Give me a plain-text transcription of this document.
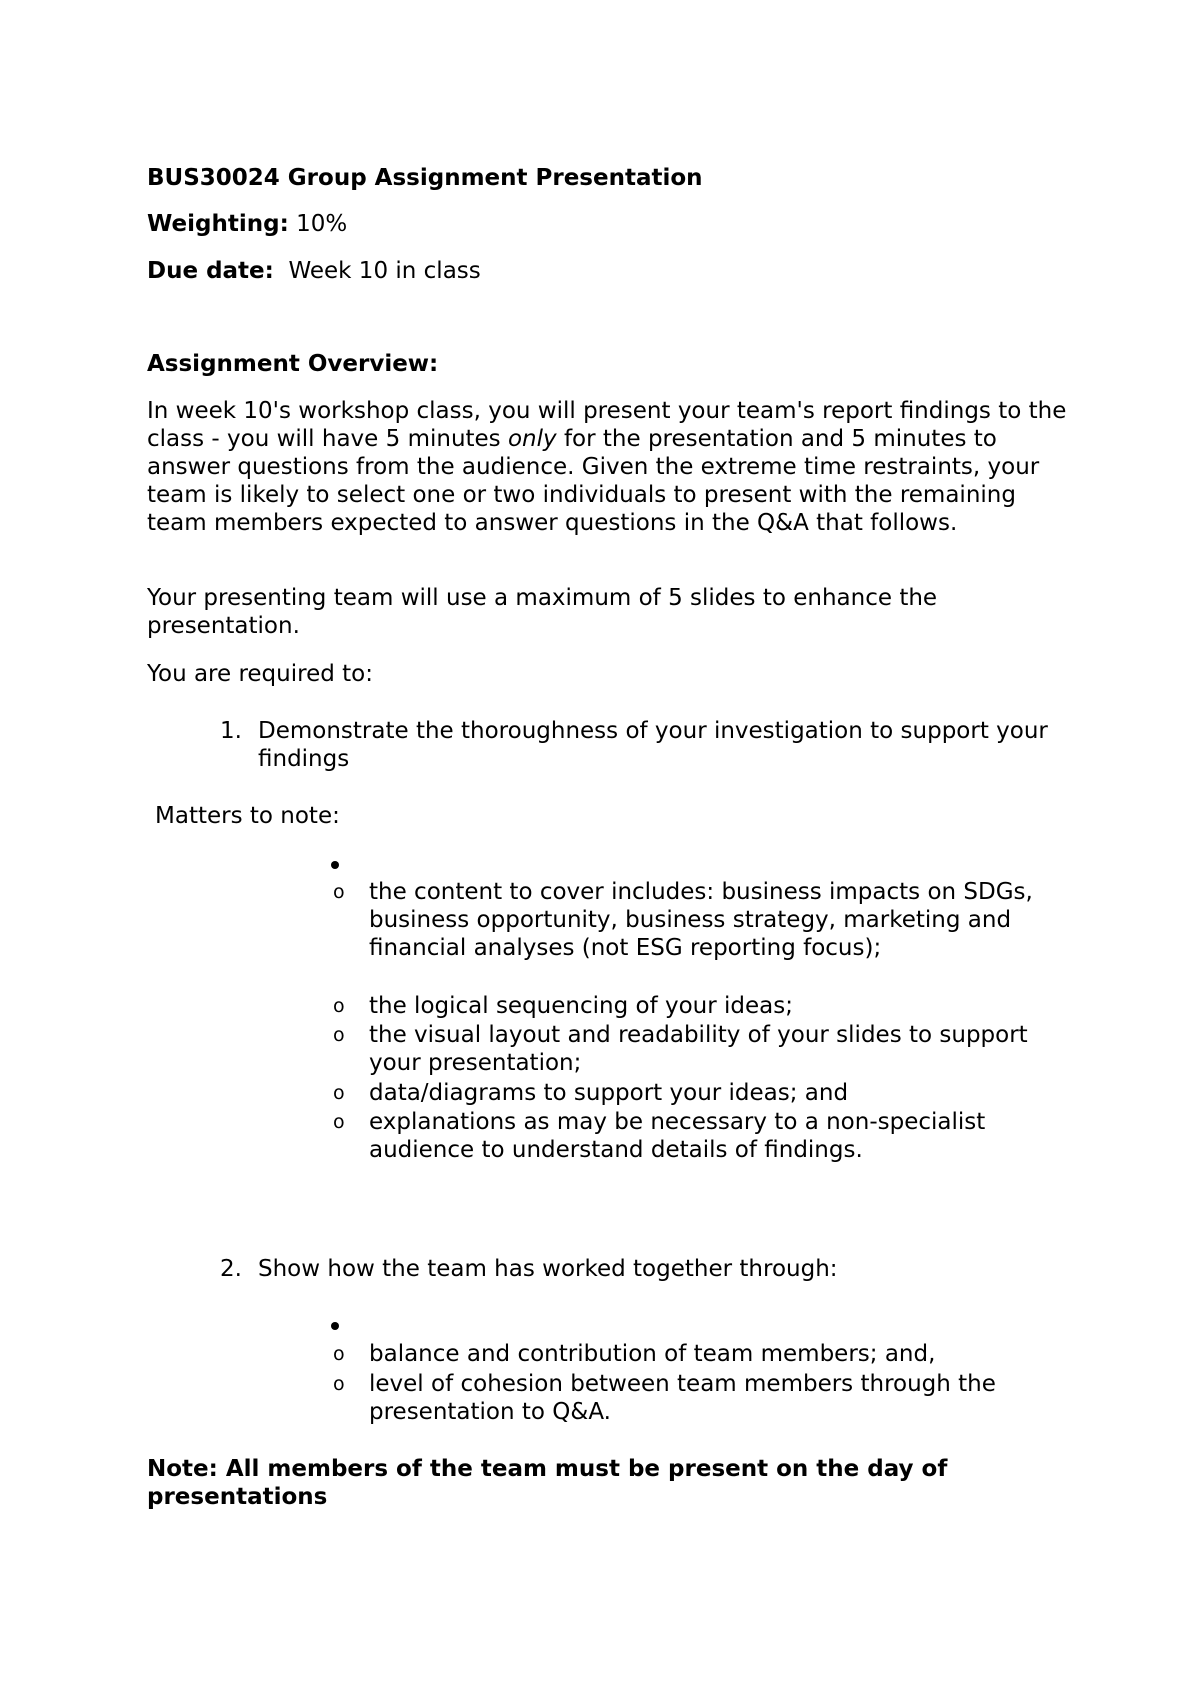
BUS30024 Group Assignment Presentation
Weighting: 10%
Due date: Week 10 in class
Assignment Overview:

In week 10's workshop class, you will present your team's report findings to the class - you will have 5 minutes only for the presentation and 5 minutes to answer questions from the audience. Given the extreme time restraints, your team is likely to select one or two individuals to present with the remaining team members expected to answer questions in the Q&A that follows.

Your presenting team will use a maximum of 5 slides to enhance the presentation.

You are required to:
1. Demonstrate the thoroughness of your investigation to support your findings
Matters to note:
o the content to cover includes: business impacts on SDGs, business opportunity, business strategy, marketing and financial analyses (not ESG reporting focus);
o the logical sequencing of your ideas;
o the visual layout and readability of your slides to support your presentation;
o data/diagrams to support your ideas; and
o explanations as may be necessary to a non-specialist audience to understand details of findings.
2. Show how the team has worked together through:
o balance and contribution of team members; and,
o level of cohesion between team members through the presentation to Q&A.

Note: All members of the team must be present on the day of presentations
